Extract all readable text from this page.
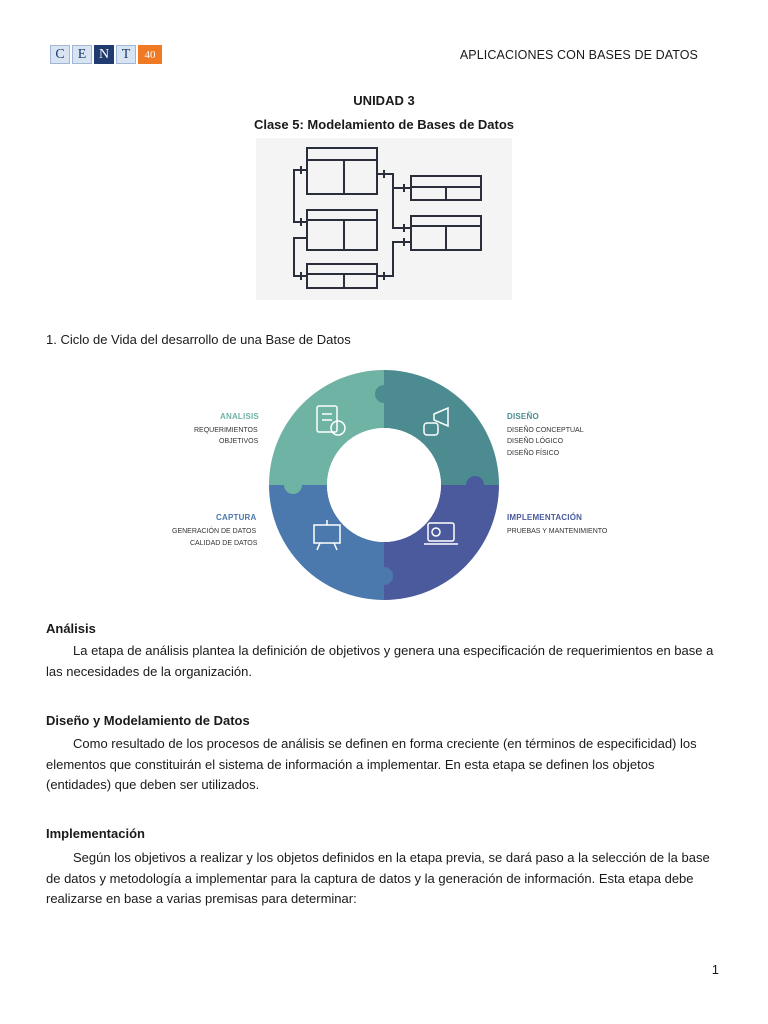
C E N T	40	APLICACIONES CON BASES DE DATOS
UNIDAD 3
Clase 5: Modelamiento de Bases de Datos
1. Ciclo de Vida del desarrollo de una Base de Datos
ANALISIS
REQUERIMIENTOS
OBJETIVOS
DISEÑO
DISEÑO CONCEPTUAL
DISEÑO LÓGICO
DISEÑO FÍSICO
IMPLEMENTACIÓN
PRUEBAS Y MANTENIMIENTO
CAPTURA
GENERACIÓN DE DATOS
CALIDAD DE DATOS
Análisis
La etapa de análisis plantea la definición de objetivos y genera una especificación de requerimientos en base a las necesidades de la organización.
Diseño y Modelamiento de Datos
Como resultado de los procesos de análisis se definen en forma creciente (en términos de especificidad) los elementos que constituirán el sistema de información a implementar. En esta etapa se definen los objetos (entidades) que deben ser utilizados.
Implementación
Según los objetivos a realizar y los objetos definidos en la etapa previa, se dará paso a la selección de la base de datos y metodología a implementar para la captura de datos y la generación de información. Esta etapa debe realizarse en base a varias premisas para determinar:
1
